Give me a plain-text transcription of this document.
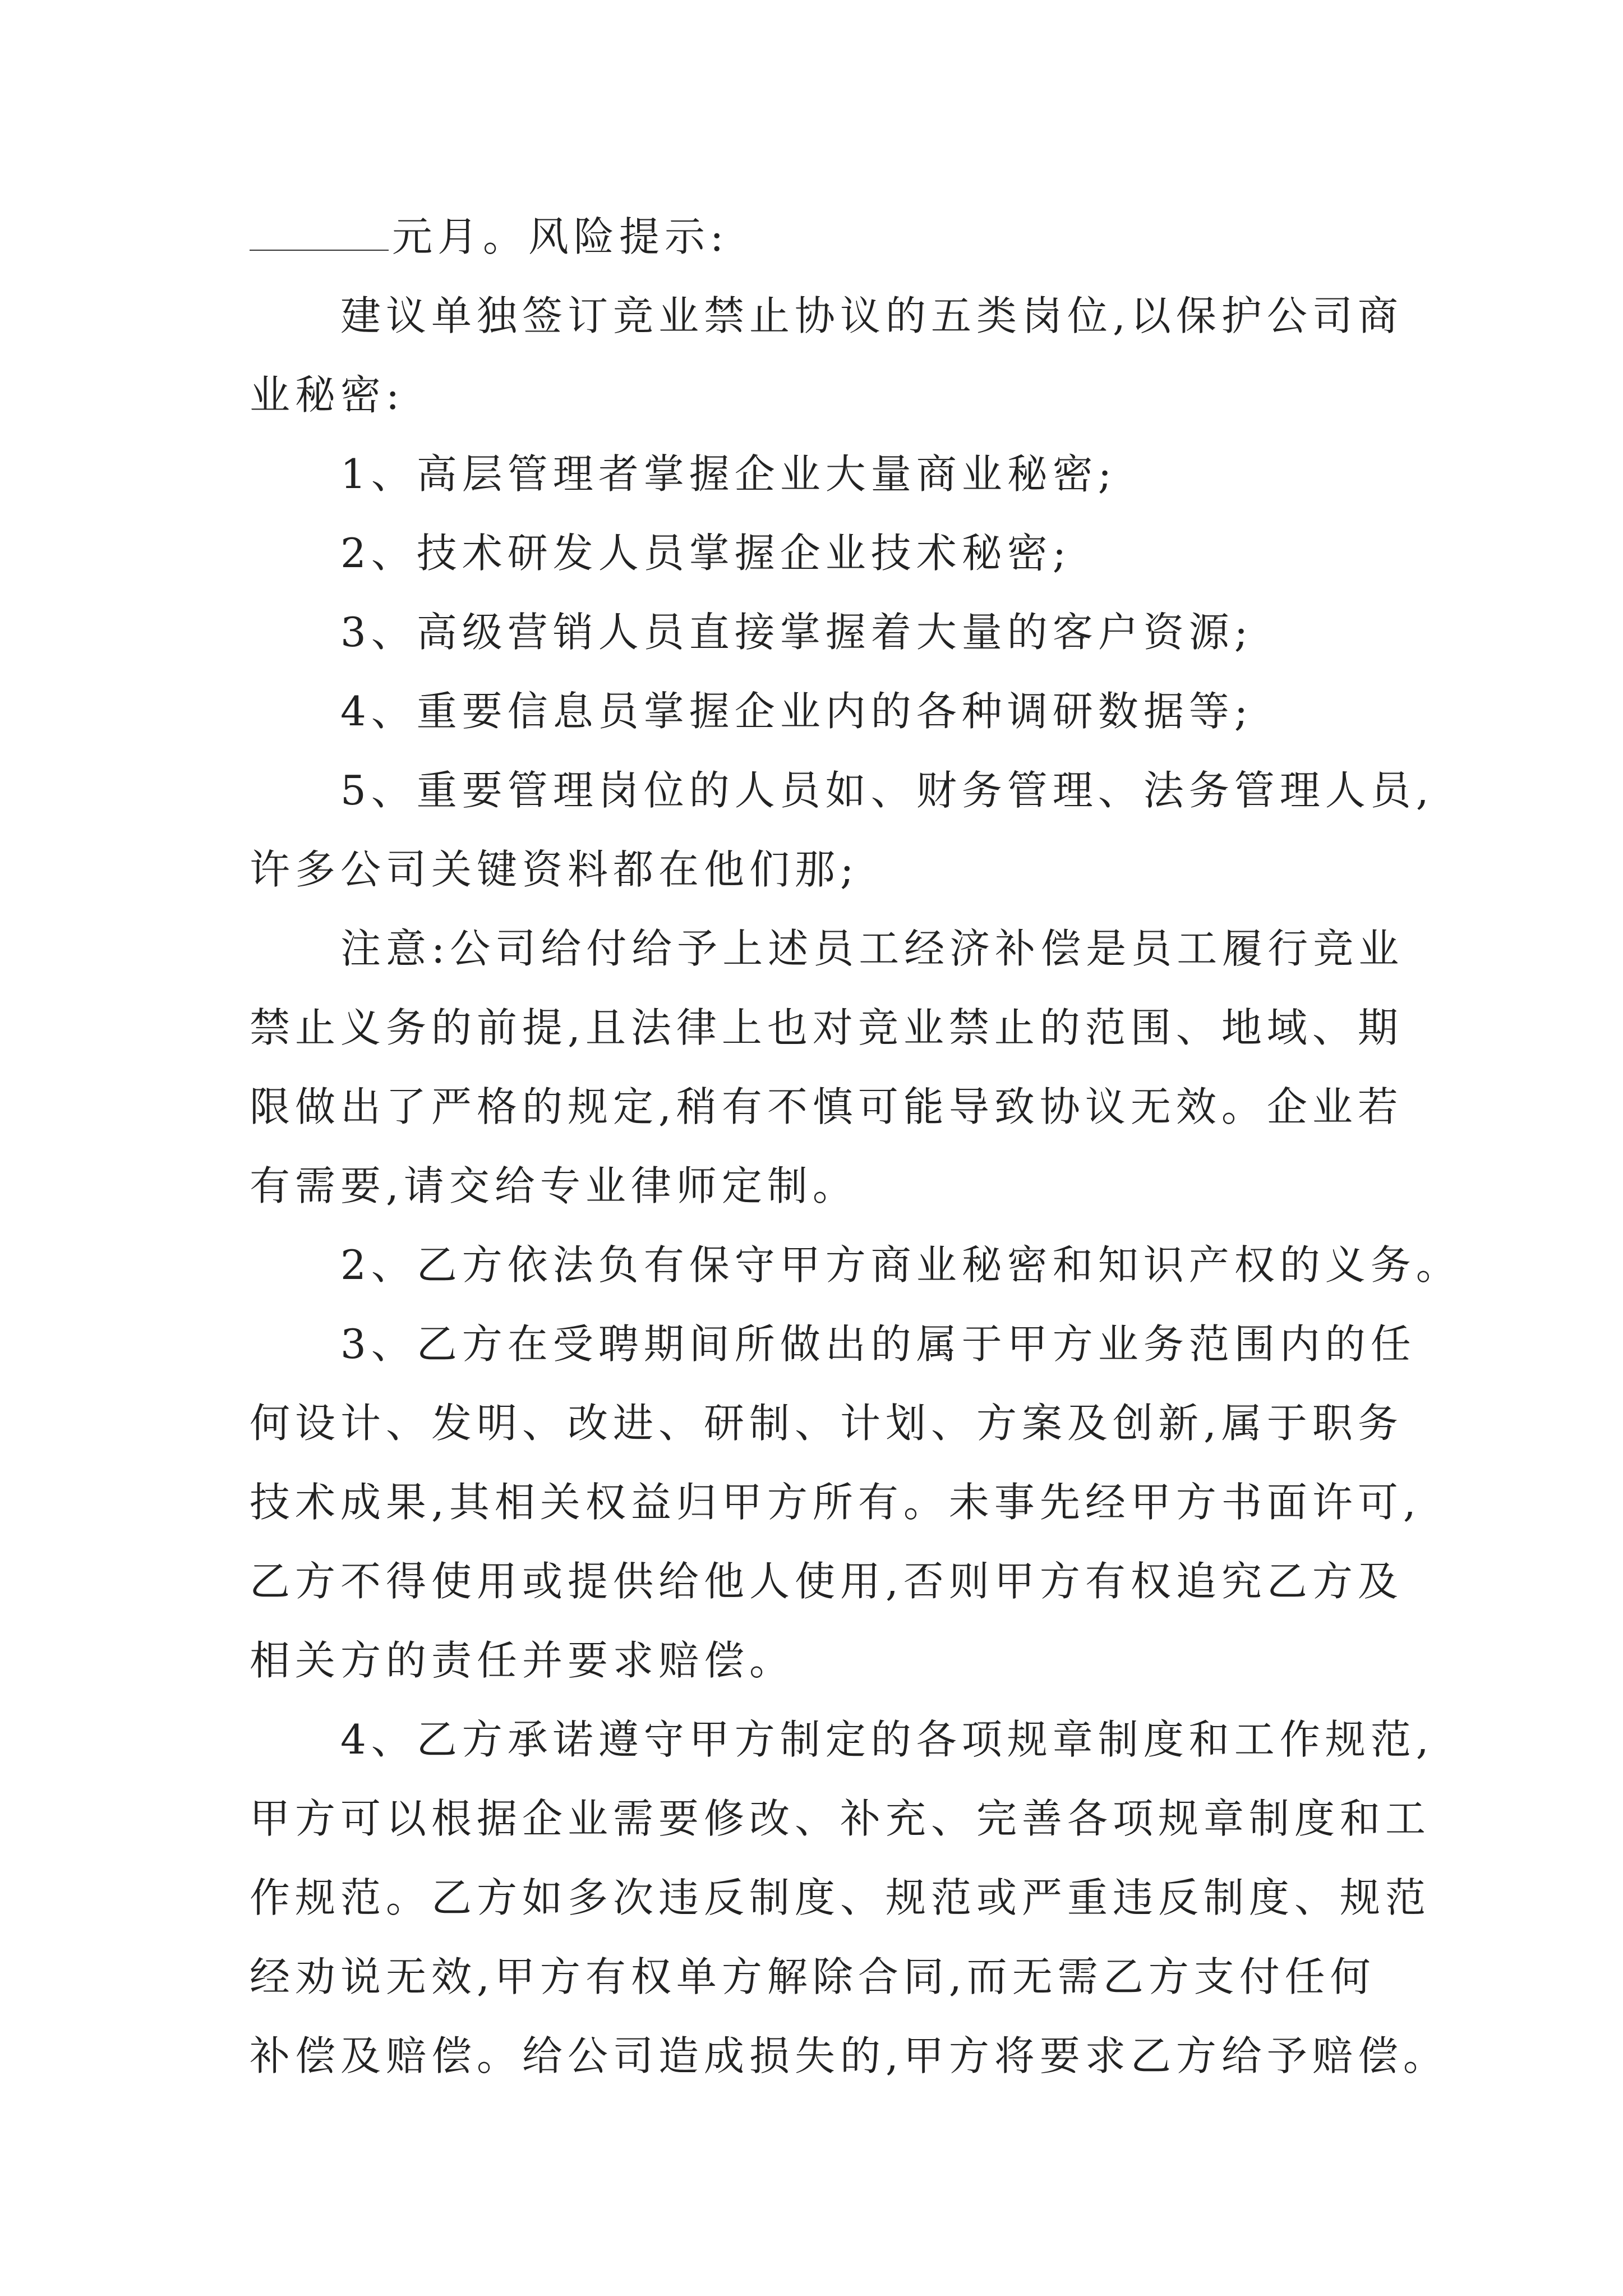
元月。风险提示:
建议单独签订竞业禁止协议的五类岗位,以保护公司商
业秘密:
1、高层管理者掌握企业大量商业秘密;
2、技术研发人员掌握企业技术秘密;
3、高级营销人员直接掌握着大量的客户资源;
4、重要信息员掌握企业内的各种调研数据等;
5、重要管理岗位的人员如、财务管理、法务管理人员,
许多公司关键资料都在他们那;
注意:公司给付给予上述员工经济补偿是员工履行竞业
禁止义务的前提,且法律上也对竞业禁止的范围、地域、期
限做出了严格的规定,稍有不慎可能导致协议无效。企业若
有需要,请交给专业律师定制。
2、乙方依法负有保守甲方商业秘密和知识产权的义务。
3、乙方在受聘期间所做出的属于甲方业务范围内的任
何设计、发明、改进、研制、计划、方案及创新,属于职务
技术成果,其相关权益归甲方所有。未事先经甲方书面许可,
乙方不得使用或提供给他人使用,否则甲方有权追究乙方及
相关方的责任并要求赔偿。
4、乙方承诺遵守甲方制定的各项规章制度和工作规范,
甲方可以根据企业需要修改、补充、完善各项规章制度和工
作规范。乙方如多次违反制度、规范或严重违反制度、规范
经劝说无效,甲方有权单方解除合同,而无需乙方支付任何
补偿及赔偿。给公司造成损失的,甲方将要求乙方给予赔偿。
